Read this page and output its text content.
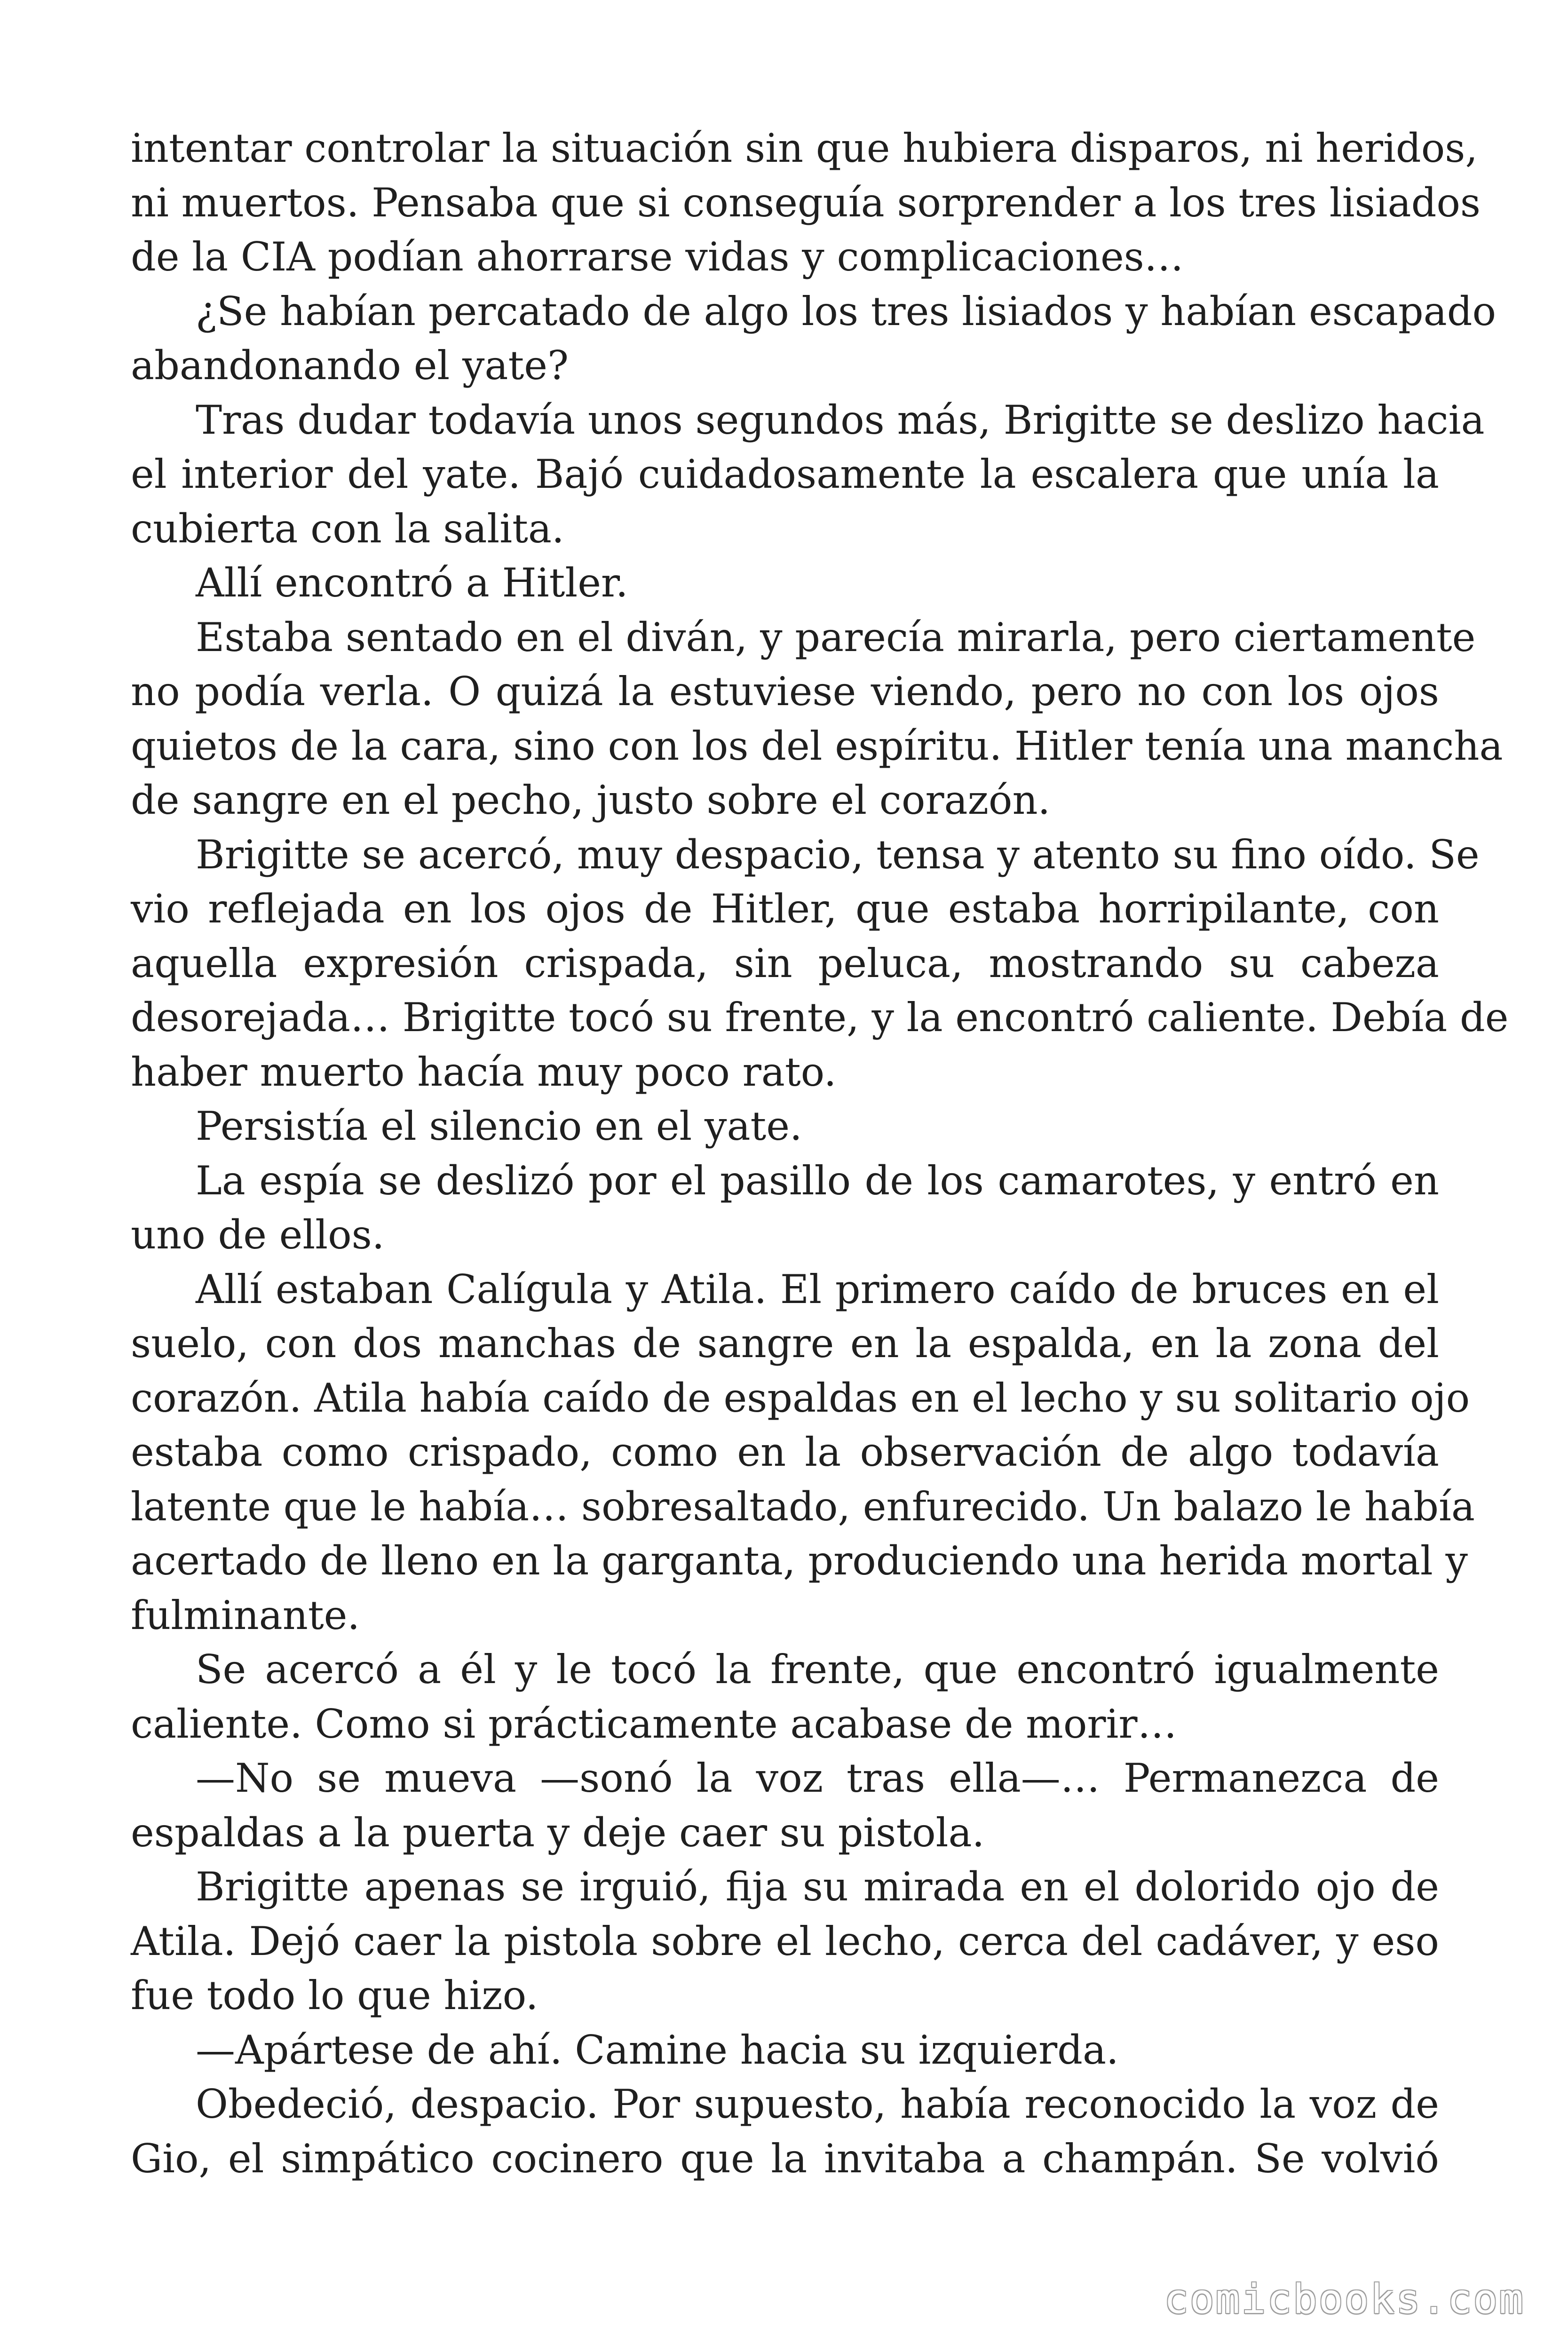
intentar controlar la situación sin que hubiera disparos, ni heridos,
ni muertos. Pensaba que si conseguía sorprender a los tres lisiados
de la CIA podían ahorrarse vidas y complicaciones…
¿Se habían percatado de algo los tres lisiados y habían escapado
abandonando el yate?
Tras dudar todavía unos segundos más, Brigitte se deslizo hacia
el interior del yate. Bajó cuidadosamente la escalera que unía la
cubierta con la salita.
Allí encontró a Hitler.
Estaba sentado en el diván, y parecía mirarla, pero ciertamente
no podía verla. O quizá la estuviese viendo, pero no con los ojos
quietos de la cara, sino con los del espíritu. Hitler tenía una mancha
de sangre en el pecho, justo sobre el corazón.
Brigitte se acercó, muy despacio, tensa y atento su fino oído. Se
vio reflejada en los ojos de Hitler, que estaba horripilante, con
aquella expresión crispada, sin peluca, mostrando su cabeza
desorejada… Brigitte tocó su frente, y la encontró caliente. Debía de
haber muerto hacía muy poco rato.
Persistía el silencio en el yate.
La espía se deslizó por el pasillo de los camarotes, y entró en
uno de ellos.
Allí estaban Calígula y Atila. El primero caído de bruces en el
suelo, con dos manchas de sangre en la espalda, en la zona del
corazón. Atila había caído de espaldas en el lecho y su solitario ojo
estaba como crispado, como en la observación de algo todavía
latente que le había… sobresaltado, enfurecido. Un balazo le había
acertado de lleno en la garganta, produciendo una herida mortal y
fulminante.
Se acercó a él y le tocó la frente, que encontró igualmente
caliente. Como si prácticamente acabase de morir…
—No se mueva —sonó la voz tras ella—… Permanezca de
espaldas a la puerta y deje caer su pistola.
Brigitte apenas se irguió, fija su mirada en el dolorido ojo de
Atila. Dejó caer la pistola sobre el lecho, cerca del cadáver, y eso
fue todo lo que hizo.
—Apártese de ahí. Camine hacia su izquierda.
Obedeció, despacio. Por supuesto, había reconocido la voz de
Gio, el simpático cocinero que la invitaba a champán. Se volvió
comicbooks.com
